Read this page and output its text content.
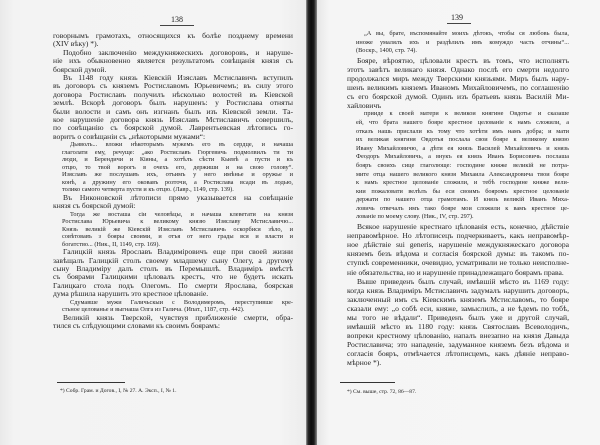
138
говорнымъ грамотахъ, относящихся къ болѣе позднему времени
(XIV вѣку) *).
Подобно заключенію междукняжескихъ договоровъ, и наруше-
ніе ихъ обыкновенно является результатомъ совѣщанія князя съ
боярской думой.
Въ 1148 году князь Кіевскій Изяславъ Мстиславичъ вступилъ
въ договоръ съ княземъ Ростиславомъ Юрьевичемъ; въ силу этого
договора Ростиславъ получилъ нѣсколько волостей въ Кіевской
землѣ. Вскорѣ договоръ былъ нарушенъ: у Ростислава отняты
были волости и самъ онъ изгнанъ былъ изъ Кіевской земли. Та-
кое нарушеніе договора князь Изяславъ Мстиславичъ совершилъ,
по совѣщанію съ боярской думой. Лаврентьевская лѣтопись го-
воритъ о совѣщаніи съ „нѣкоторыми мужами“:
Дьяволъ... вложи нѣкоторымъ мужемъ его въ сердце, и начаша
глаголати ему, речуще: „ако Ростиславъ Гюргевичь подмолвилъ ти ти
люди, и Берендичи и Кіяны, а хотѣлъ сѣсти Кыевѣ а пусти и къ
отцю, то твой ворогъ в очехъ его, держиши и на свою голову“.
Изяславъ же послушавъ ихъ, отъимъ у него имѣнье и оружье и
конѣ, а дружину его оковавъ розточи, а Ростислава всади въ лодью,
толико самого четверта пусти и къ отцю. (Лавр., 1149, стр. 139).
Въ Никоновской лѣтописи прямо указывается на совѣщаніе
князя съ боярской думой:
Тогда же восташа сіи человѣцы, и начаша клеветати на князя
Ростислава Юрьевича к великому князю Изяславу Мстиславичю...
Князь великій же Кіевскій Изяславъ Мстиславичь оскорбися зѣло, и
совѣтовавъ з бояры своими, и отъя от него грады вся и власти и
богатство... (Ник., II, 1149, стр. 169).
Галицкій князь Ярославъ Владиміровичъ еще при своей жизни
завѣщалъ Галицкій столъ своему младшему сыну Олегу, а другому
сыну Владиміру далъ столъ въ Перемышлѣ. Владиміръ вмѣстѣ
съ боярами Галицкими цѣловалъ крестъ, что не будетъ искать
Галицкаго стола подъ Олегомъ. По смерти Ярослава, боярская
дума рѣшила нарушить это крестное цѣлованіе.
Сдумавше мужи Галичьскыи с Володимеромъ, переступивше кре-
стьное целованье и выгнаша Олга из Галича. (Ипат., 1187, стр. 442).
Великій князь Тверской, чувствуя приближеніе смерти, обра-
тился съ слѣдующими словами къ своимъ боярамъ:
*) Собр. Грам. и Догов., I, № 27. А. Эксп., I, № 1.
139
„А вы, брате, въспомянайте моихъ дѣтокъ, чтобы ся любовь была,
иноже умалялъ ихъ и раздѣлилъ имъ комуждо часть отчины“...
(Воскр., 1400, стр. 74).
Бояре, вѣроятно, цѣловали крестъ въ томъ, что исполнятъ
этотъ завѣтъ великаго князя. Однако послѣ его смерти недолго
продолжался миръ между Тверскими князьями. Миръ былъ нару-
шенъ великимъ княземъ Иваномъ Михайловичемъ, по соглашенію
съ его боярской думой. Одинъ изъ братьевъ князь Василій Ми-
хайловичъ
прииде к своей матери к великои княгине Овдотье и сказаше
ей, что брата нашего бояре крестное целованіе к намъ сложили, а
отказъ нашь прислали къ тому что хотѣти имъ намъ добра; и мати
их великая княгиня Овдотья послала свои бояре к великому князю
Ивану Михайловичю, а дѣти ея князь Василей Михайловичь и князь
Феодоръ Михайловичь, а внукъ ея князь Иванъ Борисовичь послаша
бояръ своихъ сице глаголюще: господине княже великій не потра-
мите отца нашего великого князя Михаила Александровича твои бояре
к намъ крестное целованіе сложили, и тебѣ господине княже вели-
кии пожаловати велѣлъ бы еси своимъ бояромъ крестное целованіе
держати по нашего отца грамотамъ. И князь великій Иванъ Миха-
ловичь отвечалъ имъ тако бояре мои сложили к вамъ крестное це-
лованіе по моему слову. (Ник., IV, стр. 297).
Всякое нарушеніе крестнаго цѣлованія есть, конечно, дѣйствіе
неправомѣрное. Но лѣтописецъ подчеркиваетъ, какъ неправомѣр-
ное дѣйствіе sui generis, нарушеніе междукняжескаго договора
княземъ безъ вѣдома и согласія боярской думы: въ такомъ по-
ступкѣ современники, очевидно, усматривали не только неисполне-
ніе обязательства, но и нарушеніе принадлежащаго боярамъ права.
Выше приведенъ былъ случай, имѣвшій мѣсто въ 1169 году:
когда князь Владиміръ Мстиславичъ задумалъ нарушить договоръ,
заключенный имъ съ Кіевскимъ княземъ Мстиславомъ, то бояре
сказали ему: „о собѣ еси, княже, замыслилъ, а не ѣдемъ по тобѣ,
мы того не вѣдали“. Приведенъ былъ уже и другой случай,
имѣвшій мѣсто въ 1180 году: князь Святославъ Всеволодичъ,
вопреки крестному цѣлованію, напалъ внезапно на князя Давыда
Ростиславича; это нападеніе, задуманное княземъ безъ вѣдома и
согласія бояръ, отмѣчается лѣтописцемъ, какъ дѣяніе неправо-
мѣрное *).
*) См. выше, стр. 72, 86—87.
